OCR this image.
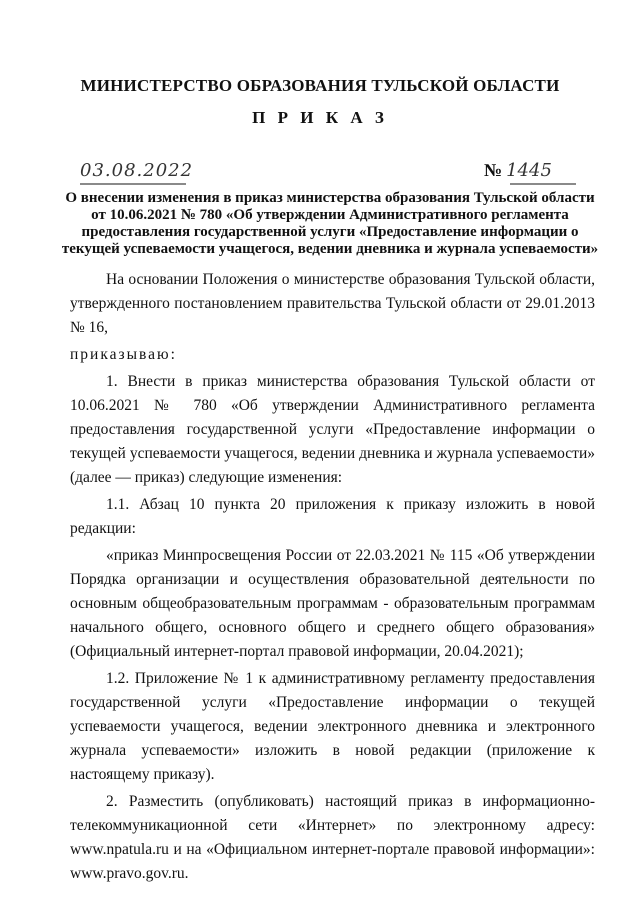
МИНИСТЕРСТВО ОБРАЗОВАНИЯ ТУЛЬСКОЙ ОБЛАСТИ
П Р И К А З
03.08.2022	№ 1445
О внесении изменения в приказ министерства образования Тульской области от 10.06.2021 № 780 «Об утверждении Административного регламента предоставления государственной услуги «Предоставление информации о текущей успеваемости учащегося, ведении дневника и журнала успеваемости»

На основании Положения о министерстве образования Тульской области, утвержденного постановлением правительства Тульской области от 29.01.2013 № 16,

приказываю:

1. Внести в приказ министерства образования Тульской области от 10.06.2021 № 780 «Об утверждении Административного регламента предоставления государственной услуги «Предоставление информации о текущей успеваемости учащегося, ведении дневника и журнала успеваемости» (далее — приказ) следующие изменения:

1.1. Абзац 10 пункта 20 приложения к приказу изложить в новой редакции:

«приказ Минпросвещения России от 22.03.2021 № 115 «Об утверждении Порядка организации и осуществления образовательной деятельности по основным общеобразовательным программам - образовательным программам начального общего, основного общего и среднего общего образования» (Официальный интернет-портал правовой информации, 20.04.2021);

1.2. Приложение № 1 к административному регламенту предоставления государственной услуги «Предоставление информации о текущей успеваемости учащегося, ведении электронного дневника и электронного журнала успеваемости» изложить в новой редакции (приложение к настоящему приказу).

2. Разместить (опубликовать) настоящий приказ в информационно-телекоммуникационной сети «Интернет» по электронному адресу: www.npatula.ru и на «Официальном интернет-портале правовой информации»: www.pravo.gov.ru.
